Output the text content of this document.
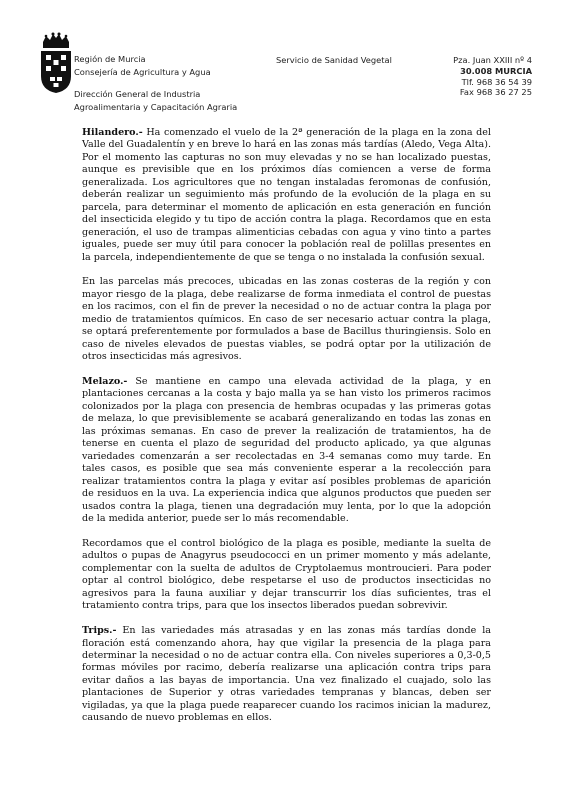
Región de Murcia
Consejería de Agricultura y Agua
Dirección General de Industria
Agroalimentaria y Capacitación Agraria
Servicio de Sanidad Vegetal	Pza. Juan XXIII nº 4
30.008 MURCIA
Tlf. 968 36 54 39
Fax 968 36 27 25

Hilandero.- Ha comenzado el vuelo de la 2ª generación de la plaga en la zona del Valle del Guadalentín y en breve lo hará en las zonas más tardías (Aledo, Vega Alta). Por el momento las capturas no son muy elevadas y no se han localizado puestas, aunque es previsible que en los próximos días comiencen a verse de forma generalizada. Los agricultores que no tengan instaladas feromonas de confusión, deberán realizar un seguimiento más profundo de la evolución de la plaga en su parcela, para determinar el momento de aplicación en esta generación en función del insecticida elegido y tu tipo de acción contra la plaga. Recordamos que en esta generación, el uso de trampas alimenticias cebadas con agua y vino tinto a partes iguales, puede ser muy útil para conocer la población real de polillas presentes en la parcela, independientemente de que se tenga o no instalada la confusión sexual.

En las parcelas más precoces, ubicadas en las zonas costeras de la región y con mayor riesgo de la plaga, debe realizarse de forma inmediata el control de puestas en los racimos, con el fin de prever la necesidad o no de actuar contra la plaga por medio de tratamientos químicos. En caso de ser necesario actuar contra la plaga, se optará preferentemente por formulados a base de Bacillus thuringiensis. Solo en caso de niveles elevados de puestas viables, se podrá optar por la utilización de otros insecticidas más agresivos.

Melazo.- Se mantiene en campo una elevada actividad de la plaga, y en plantaciones cercanas a la costa y bajo malla ya se han visto los primeros racimos colonizados por la plaga con presencia de hembras ocupadas y las primeras gotas de melaza, lo que previsiblemente se acabará generalizando en todas las zonas en las próximas semanas. En caso de prever la realización de tratamientos, ha de tenerse en cuenta el plazo de seguridad del producto aplicado, ya que algunas variedades comenzarán a ser recolectadas en 3-4 semanas como muy tarde. En tales casos, es posible que sea más conveniente esperar a la recolección para realizar tratamientos contra la plaga y evitar así posibles problemas de aparición de residuos en la uva. La experiencia indica que algunos productos que pueden ser usados contra la plaga, tienen una degradación muy lenta, por lo que la adopción de la medida anterior, puede ser lo más recomendable.

Recordamos que el control biológico de la plaga es posible, mediante la suelta de adultos o pupas de Anagyrus pseudococci en un primer momento y más adelante, complementar con la suelta de adultos de Cryptolaemus montroucieri. Para poder optar al control biológico, debe respetarse el uso de productos insecticidas no agresivos para la fauna auxiliar y dejar transcurrir los días suficientes, tras el tratamiento contra trips, para que los insectos liberados puedan sobrevivir.

Trips.- En las variedades más atrasadas y en las zonas más tardías donde la floración está comenzando ahora, hay que vigilar la presencia de la plaga para determinar la necesidad o no de actuar contra ella. Con niveles superiores a 0,3-0,5 formas móviles por racimo, debería realizarse una aplicación contra trips para evitar daños a las bayas de importancia. Una vez finalizado el cuajado, solo las plantaciones de Superior y otras variedades tempranas y blancas, deben ser vigiladas, ya que la plaga puede reaparecer cuando los racimos inician la madurez, causando de nuevo problemas en ellos.
